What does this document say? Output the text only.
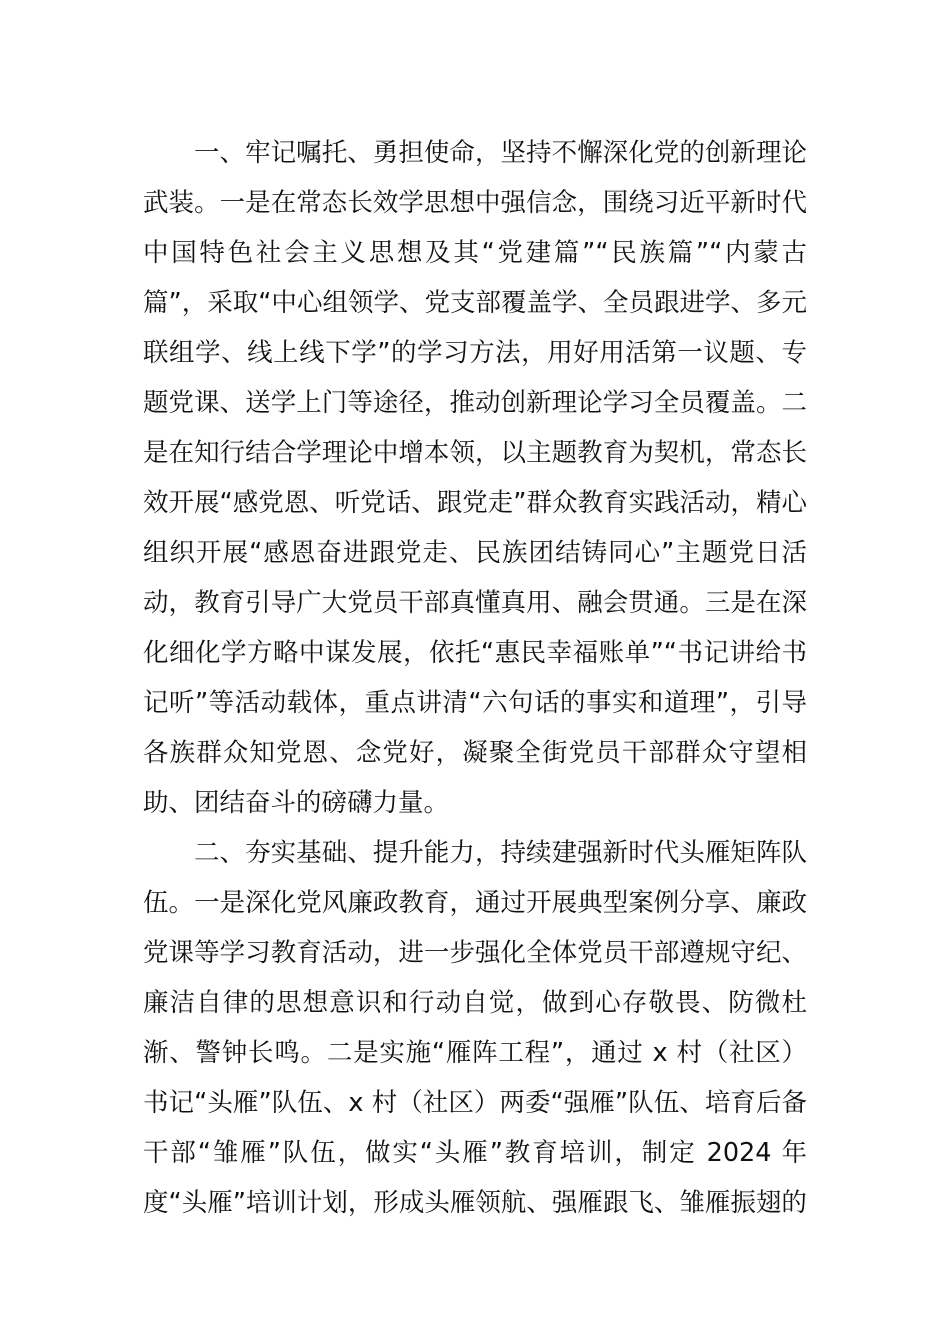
一、牢记嘱托、勇担使命，坚持不懈深化党的创新理论武装。一是在常态长效学思想中强信念，围绕习近平新时代中国特色社会主义思想及其“党建篇”“民族篇”“内蒙古篇”，采取“中心组领学、党支部覆盖学、全员跟进学、多元联组学、线上线下学”的学习方法，用好用活第一议题、专题党课、送学上门等途径，推动创新理论学习全员覆盖。二是在知行结合学理论中增本领，以主题教育为契机，常态长效开展“感党恩、听党话、跟党走”群众教育实践活动，精心组织开展“感恩奋进跟党走、民族团结铸同心”主题党日活动，教育引导广大党员干部真懂真用、融会贯通。三是在深化细化学方略中谋发展，依托“惠民幸福账单”“书记讲给书记听”等活动载体，重点讲清“六句话的事实和道理”，引导各族群众知党恩、念党好，凝聚全街党员干部群众守望相助、团结奋斗的磅礴力量。

二、夯实基础、提升能力，持续建强新时代头雁矩阵队伍。一是深化党风廉政教育，通过开展典型案例分享、廉政党课等学习教育活动，进一步强化全体党员干部遵规守纪、廉洁自律的思想意识和行动自觉，做到心存敬畏、防微杜渐、警钟长鸣。二是实施“雁阵工程”，通过 x 村（社区）书记“头雁”队伍、x 村（社区）两委“强雁”队伍、培育后备干部“雏雁”队伍，做实“头雁”教育培训，制定 2024 年度“头雁”培训计划，形成头雁领航、强雁跟飞、雏雁振翅的
